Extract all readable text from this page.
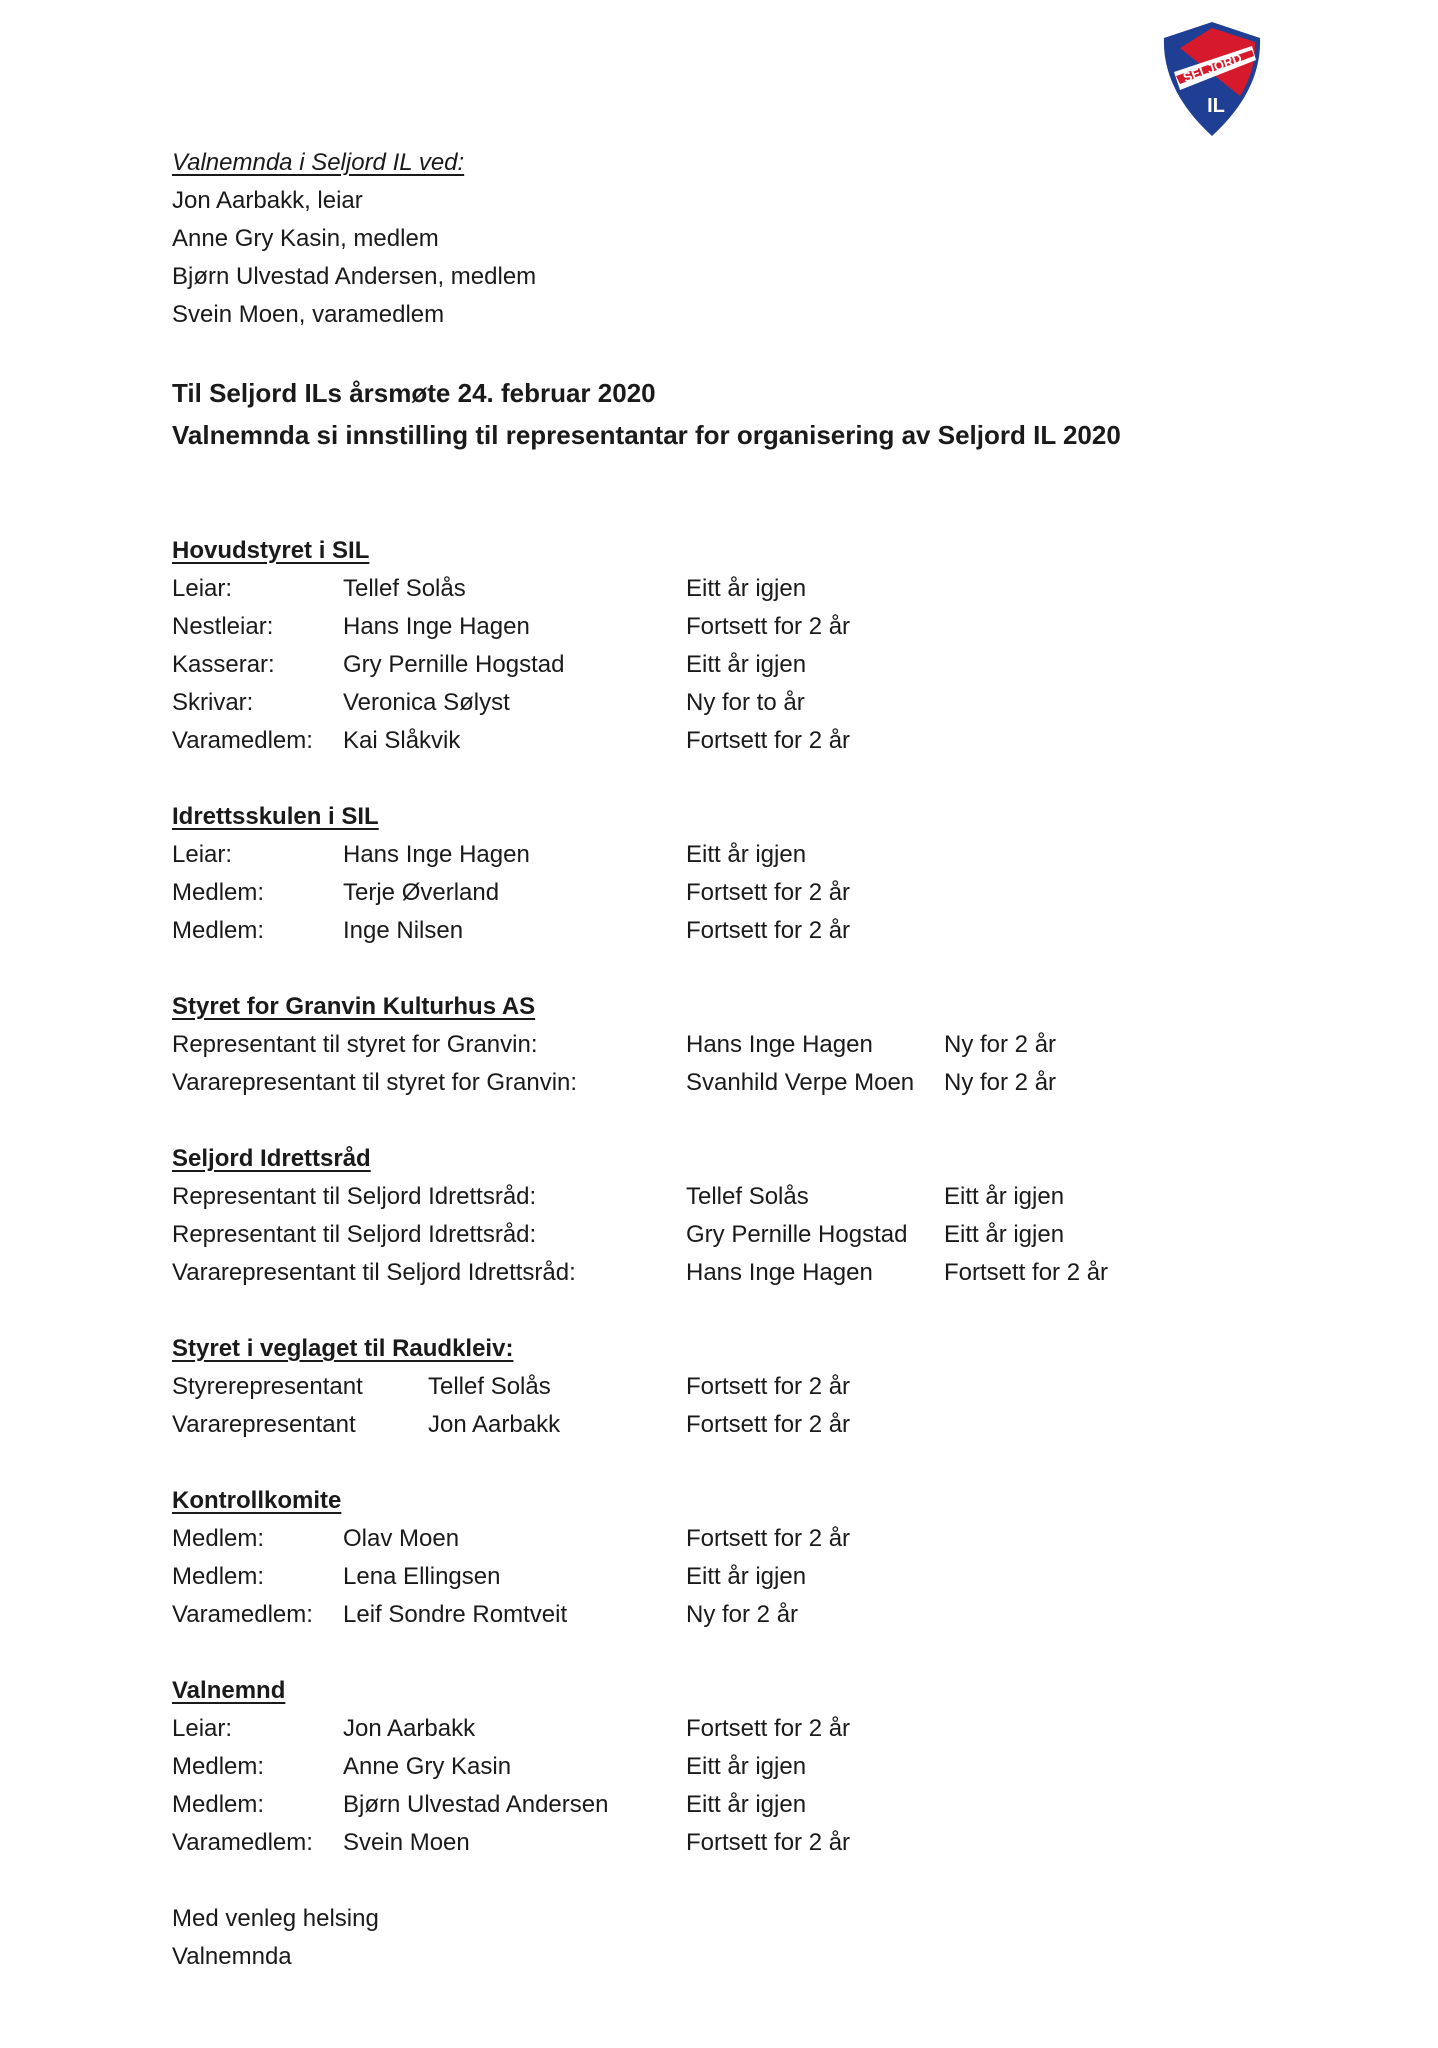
SELJORD
IL
Valnemnda i Seljord IL ved:
Jon Aarbakk, leiar
Anne Gry Kasin, medlem
Bjørn Ulvestad Andersen, medlem
Svein Moen, varamedlem
Til Seljord ILs årsmøte 24. februar 2020
Valnemnda si innstilling til representantar for organisering av Seljord IL 2020
Hovudstyret i SIL
Leiar:	Tellef Solås	Eitt år igjen
Nestleiar:	Hans Inge Hagen	Fortsett for 2 år
Kasserar:	Gry Pernille Hogstad	Eitt år igjen
Skrivar:	Veronica Sølyst	Ny for to år
Varamedlem: Kai Slåkvik	Fortsett for 2 år
Idrettsskulen i SIL
Leiar:	Hans Inge Hagen	Eitt år igjen
Medlem:	Terje Øverland	Fortsett for 2 år
Medlem:	Inge Nilsen	Fortsett for 2 år
Styret for Granvin Kulturhus AS
Representant til styret for Granvin:	Hans Inge Hagen	Ny for 2 år
Vararepresentant til styret for Granvin:	Svanhild Verpe Moen Ny for 2 år
Seljord Idrettsråd
Representant til Seljord Idrettsråd:	Tellef Solås	Eitt år igjen
Representant til Seljord Idrettsråd:	Gry Pernille Hogstad Eitt år igjen
Vararepresentant til Seljord Idrettsråd:	Hans Inge Hagen	Fortsett for 2 år
Styret i veglaget til Raudkleiv:
Styrerepresentant	Tellef Solås	Fortsett for 2 år
Vararepresentant	Jon Aarbakk	Fortsett for 2 år
Kontrollkomite
Medlem:	Olav Moen	Fortsett for 2 år
Medlem:	Lena Ellingsen	Eitt år igjen
Varamedlem: Leif Sondre Romtveit	Ny for 2 år
Valnemnd
Leiar:	Jon Aarbakk	Fortsett for 2 år
Medlem:	Anne Gry Kasin	Eitt år igjen
Medlem:	Bjørn Ulvestad Andersen	Eitt år igjen
Varamedlem: Svein Moen	Fortsett for 2 år
Med venleg helsing
Valnemnda
